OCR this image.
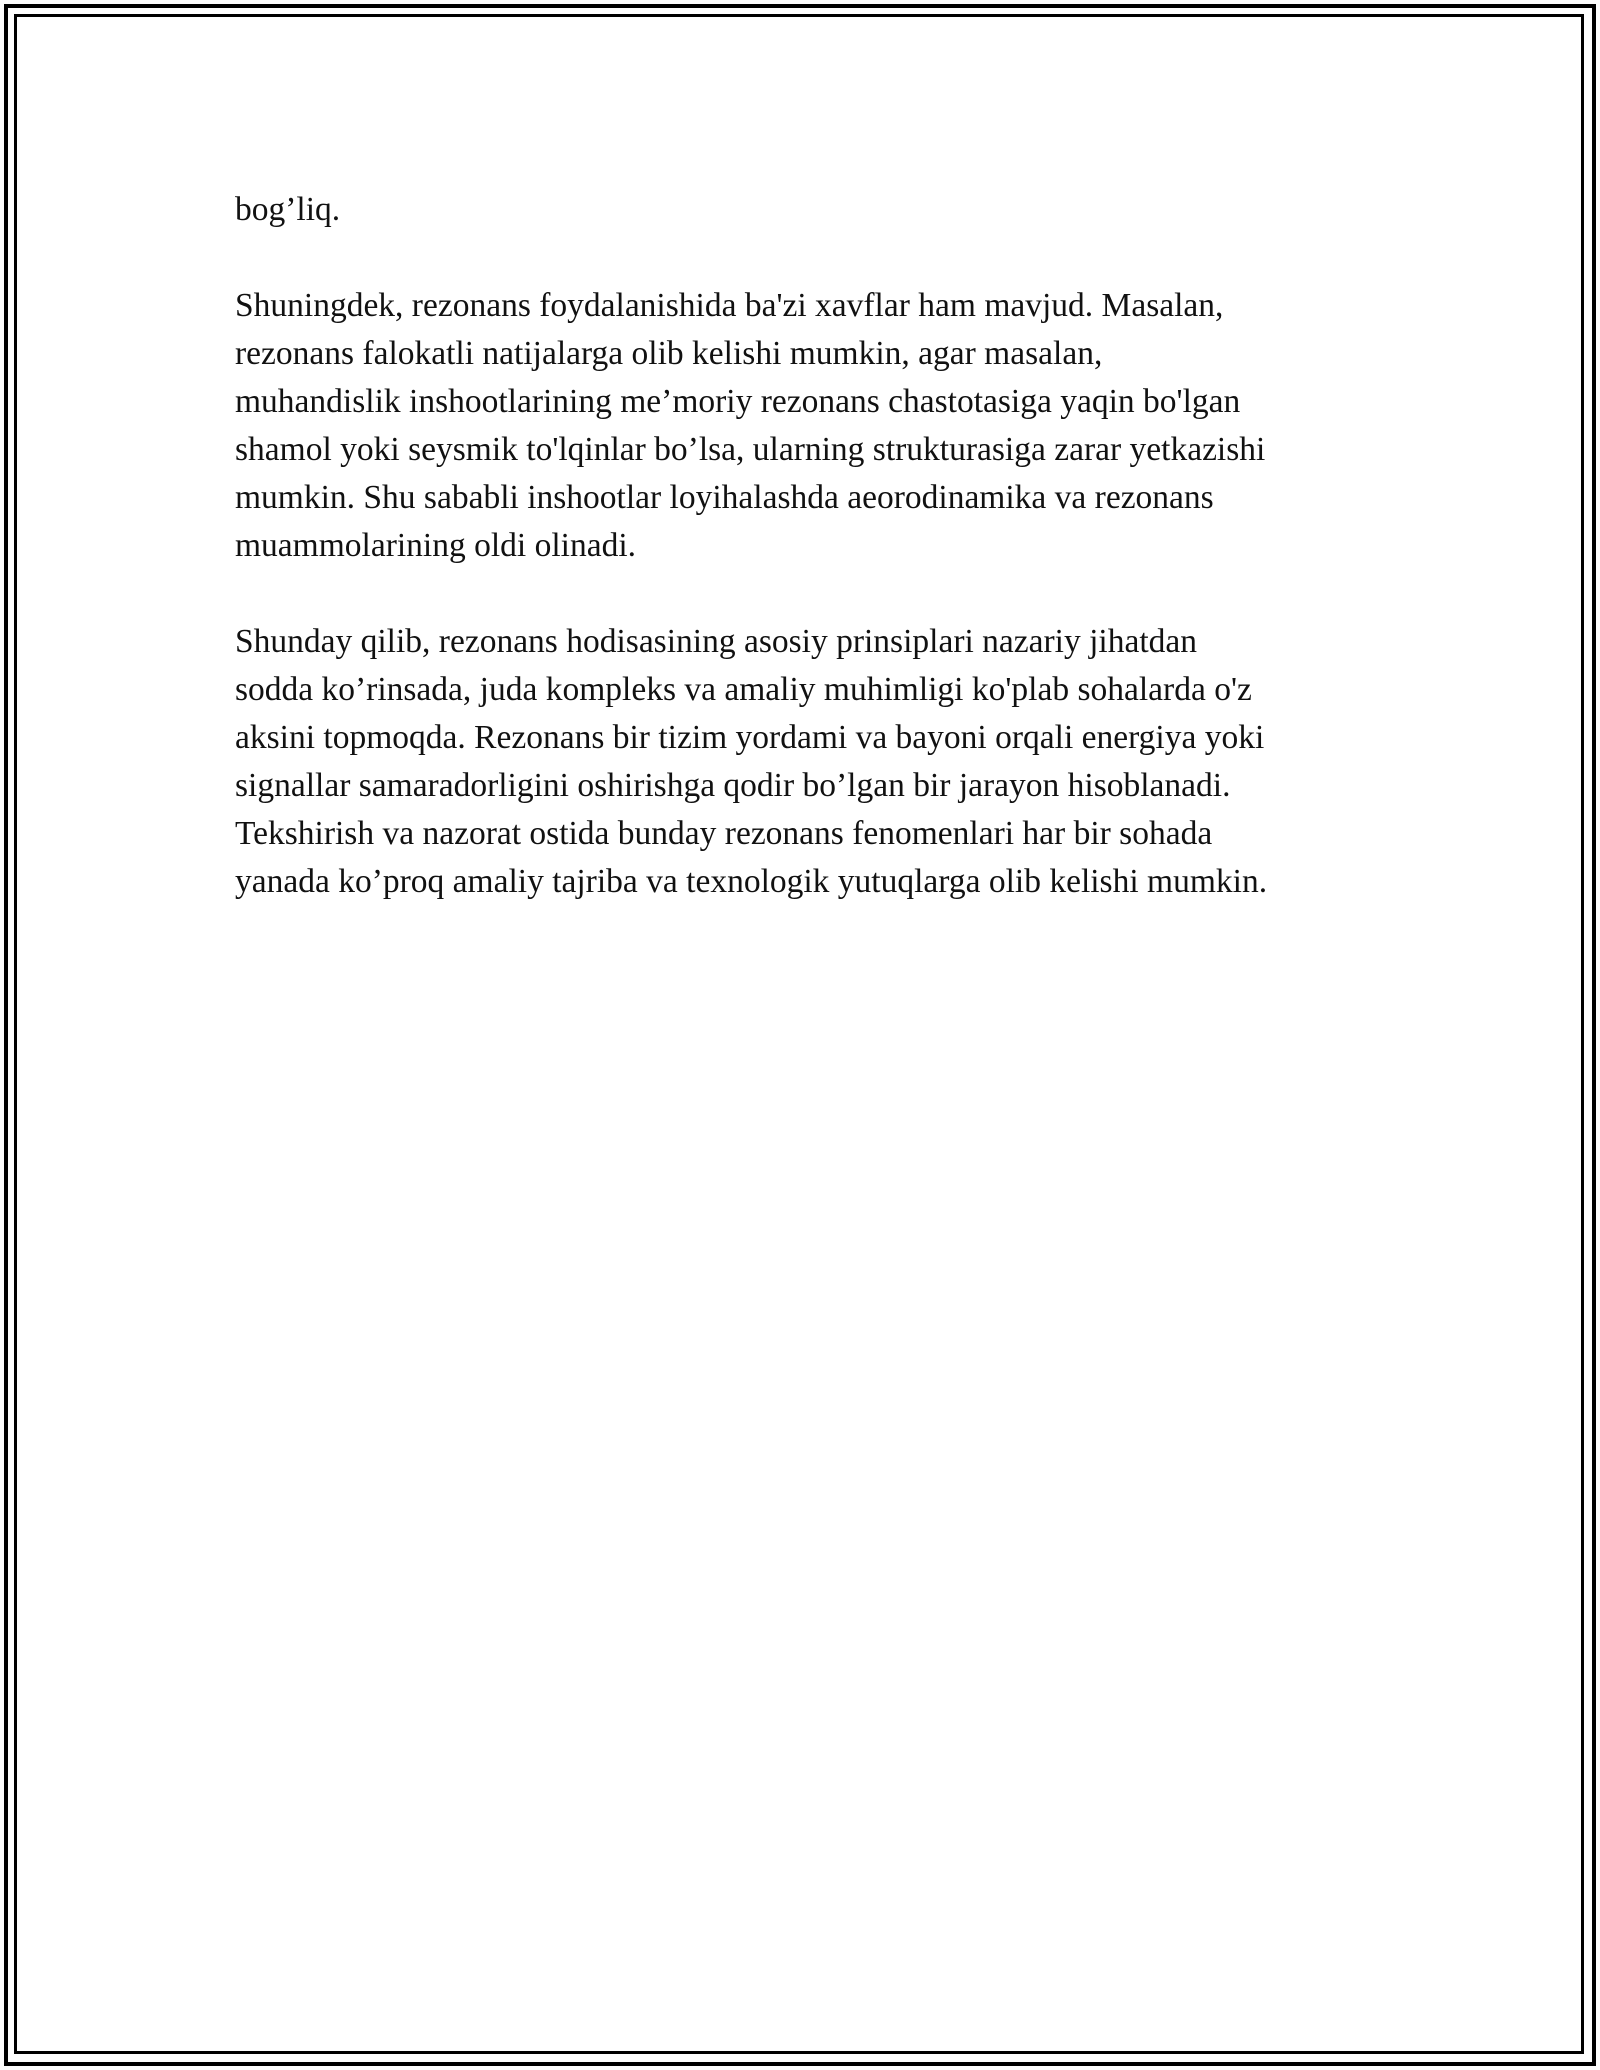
bog’liq.

Shuningdek, rezonans foydalanishida ba'zi xavflar ham mavjud. Masalan,
rezonans falokatli natijalarga olib kelishi mumkin, agar masalan,
muhandislik inshootlarining me’moriy rezonans chastotasiga yaqin bo'lgan
shamol yoki seysmik to'lqinlar bo’lsa, ularning strukturasiga zarar yetkazishi
mumkin. Shu sababli inshootlar loyihalashda aeorodinamika va rezonans
muammolarining oldi olinadi.

Shunday qilib, rezonans hodisasining asosiy prinsiplari nazariy jihatdan
sodda ko’rinsada, juda kompleks va amaliy muhimligi ko'plab sohalarda o'z
aksini topmoqda. Rezonans bir tizim yordami va bayoni orqali energiya yoki
signallar samaradorligini oshirishga qodir bo’lgan bir jarayon hisoblanadi.
Tekshirish va nazorat ostida bunday rezonans fenomenlari har bir sohada
yanada ko’proq amaliy tajriba va texnologik yutuqlarga olib kelishi mumkin.
